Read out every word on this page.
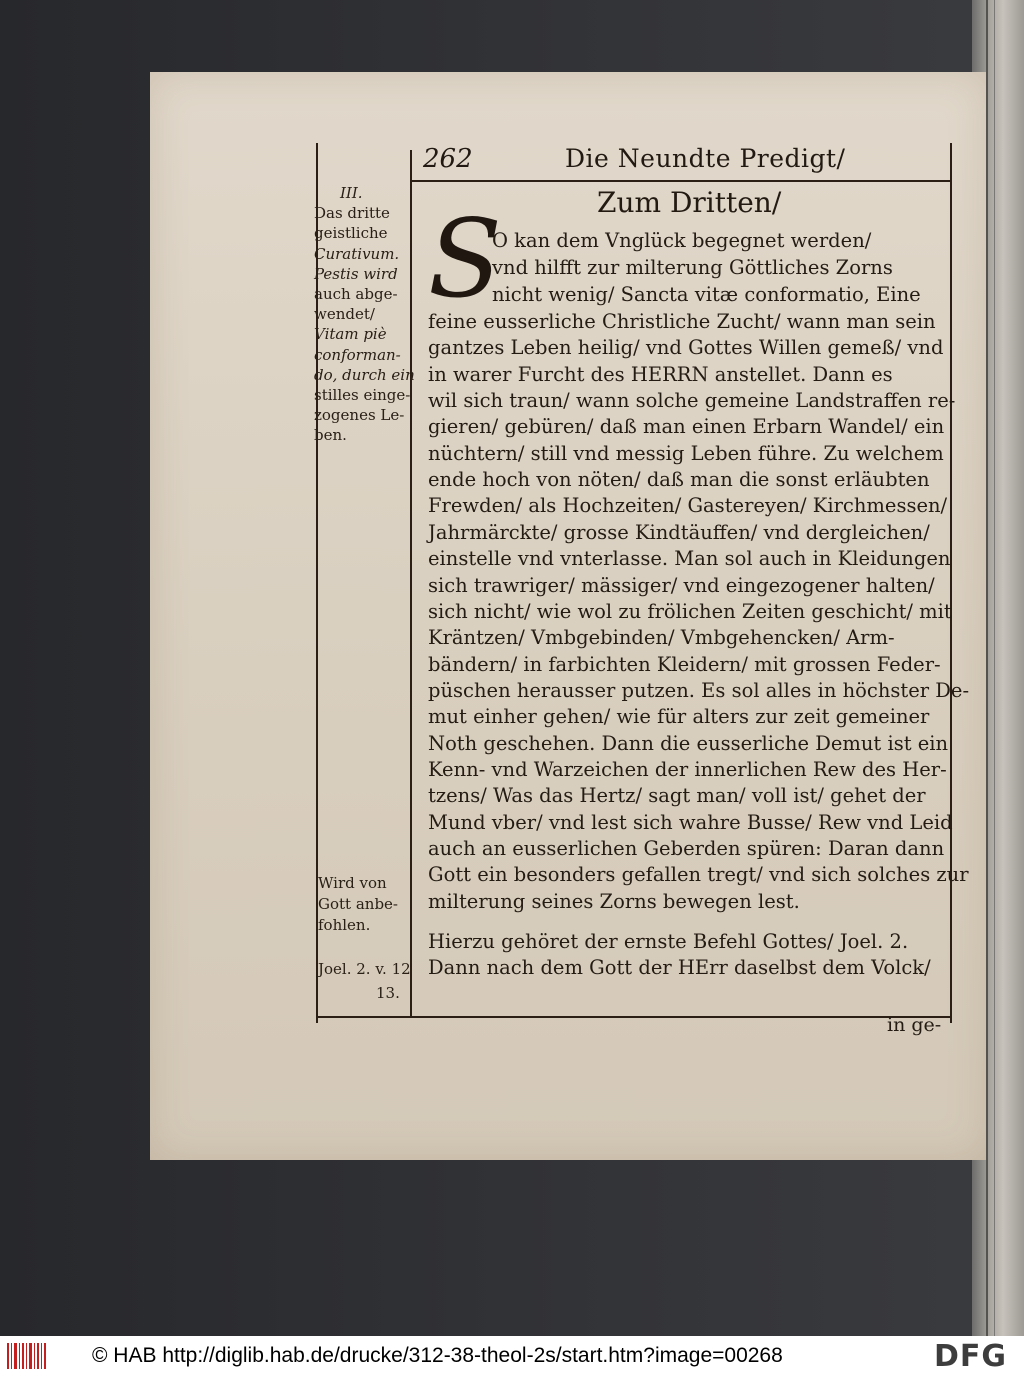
262	Die Neundte Predigt/
Zum Dritten/
S
O kan dem Vnglück begegnet werden/
vnd hilfft zur milterung Göttliches Zorns
nicht wenig/ Sancta vitæ conformatio, Eine
feine eusserliche Christliche Zucht/ wann man sein
gantzes Leben heilig/ vnd Gottes Willen gemeß/ vnd
in warer Furcht des HERRN anstellet. Dann es
wil sich traun/ wann solche gemeine Landstraffen re-
gieren/ gebüren/ daß man einen Erbarn Wandel/ ein
nüchtern/ still vnd messig Leben führe. Zu welchem
ende hoch von nöten/ daß man die sonst erläubten
Frewden/ als Hochzeiten/ Gastereyen/ Kirchmessen/
Jahrmärckte/ grosse Kindtäuffen/ vnd dergleichen/
einstelle vnd vnterlasse. Man sol auch in Kleidungen
sich trawriger/ mässiger/ vnd eingezogener halten/
sich nicht/ wie wol zu frölichen Zeiten geschicht/ mit
Kräntzen/ Vmbgebinden/ Vmbgehencken/ Arm-
bändern/ in farbichten Kleidern/ mit grossen Feder-
püschen herausser putzen. Es sol alles in höchster De-
mut einher gehen/ wie für alters zur zeit gemeiner
Noth geschehen. Dann die eusserliche Demut ist ein
Kenn- vnd Warzeichen der innerlichen Rew des Her-
tzens/ Was das Hertz/ sagt man/ voll ist/ gehet der
Mund vber/ vnd lest sich wahre Busse/ Rew vnd Leid
auch an eusserlichen Geberden spüren: Daran dann
Gott ein besonders gefallen tregt/ vnd sich solches zur
milterung seines Zorns bewegen lest.
Hierzu gehöret der ernste Befehl Gottes/ Joel. 2.
Dann nach dem Gott der HErr daselbst dem Volck/
in ge-
III.
Das dritte
geistliche
Curativum.
Pestis wird
auch abge-
wendet/
Vitam piè
conforman-
do, durch ein
stilles einge-
zogenes Le-
ben.
Wird von
Gott anbe-
fohlen.
Joel. 2. v. 12
13.
© HAB http://diglib.hab.de/drucke/312-38-theol-2s/start.htm?image=00268	DFG
